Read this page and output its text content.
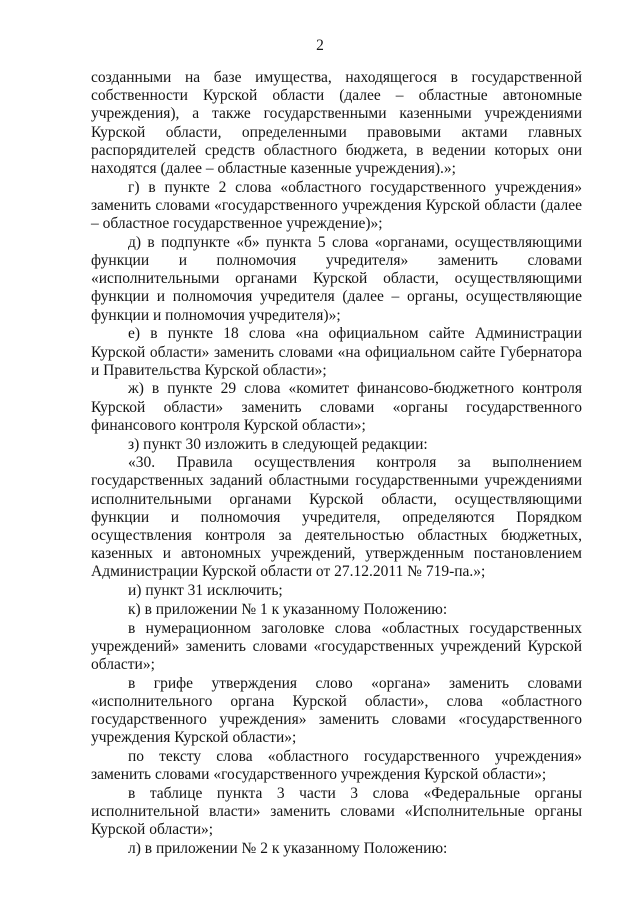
2

созданными на базе имущества, находящегося в государственной собственности Курской области (далее – областные автономные учреждения), а также государственными казенными учреждениями Курской области, определенными правовыми актами главных распорядителей средств областного бюджета, в ведении которых они находятся (далее – областные казенные учреждения).»;

г) в пункте 2 слова «областного государственного учреждения» заменить словами «государственного учреждения Курской области (далее – областное государственное учреждение)»;

д) в подпункте «б» пункта 5 слова «органами, осуществляющими функции и полномочия учредителя» заменить словами «исполнительными органами Курской области, осуществляющими функции и полномочия учредителя (далее – органы, осуществляющие функции и полномочия учредителя)»;

е) в пункте 18 слова «на официальном сайте Администрации Курской области» заменить словами «на официальном сайте Губернатора и Правительства Курской области»;

ж) в пункте 29 слова «комитет финансово-бюджетного контроля Курской области» заменить словами «органы государственного финансового контроля Курской области»;

з) пункт 30 изложить в следующей редакции:

«30. Правила осуществления контроля за выполнением государственных заданий областными государственными учреждениями исполнительными органами Курской области, осуществляющими функции и полномочия учредителя, определяются Порядком осуществления контроля за деятельностью областных бюджетных, казенных и автономных учреждений, утвержденным постановлением Администрации Курской области от 27.12.2011 № 719-па.»;

и) пункт 31 исключить;

к) в приложении № 1 к указанному Положению:

в нумерационном заголовке слова «областных государственных учреждений» заменить словами «государственных учреждений Курской области»;

в грифе утверждения слово «органа» заменить словами «исполнительного органа Курской области», слова «областного государственного учреждения» заменить словами «государственного учреждения Курской области»;

по тексту слова «областного государственного учреждения» заменить словами «государственного учреждения Курской области»;

в таблице пункта 3 части 3 слова «Федеральные органы исполнительной власти» заменить словами «Исполнительные органы Курской области»;

л) в приложении № 2 к указанному Положению:
